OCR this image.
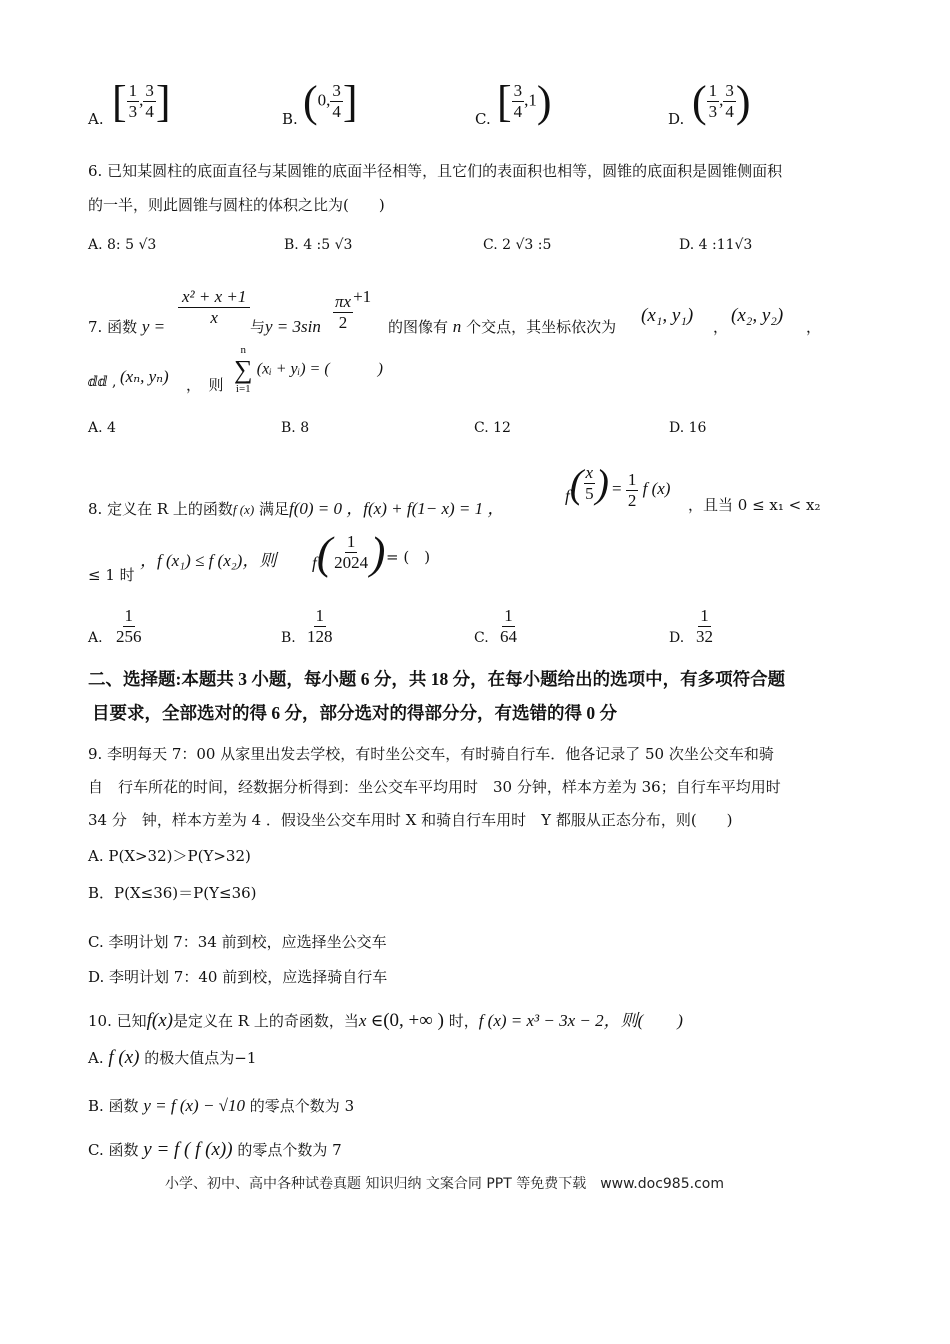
A. [ $\frac{1}{3}$ , $\frac{3}{4}$ ]	B. (0, $\frac{3}{4}$ ]	C. [ $\frac{3}{4} ,1$)	D. ( $\frac{1}{3}$ , $\frac{3}{4}$ )
6. 已知某圆柱的底面直径与某圆锥的底面半径相等，且它们的表面积也相等，圆锥的底面积是圆锥侧面积
的一半，则此圆锥与圆柱的体积之比为(　　)
A. 8: 5 √3	B. 4 :5 √3	C. 2 √3 :5	D. 4 :11√3
7. 函数 $y = \frac{\text{x² + x +1}}{x}$ 与$y = 3\sin \frac{\pi x}{2} +1$
的图像有 n 个交点，其坐标依次为
(x₁, y₁)
，
(x₂, y₂)
，
ⅆⅆ , (xₙ, yₙ) ，　则
n
∑
i=1
(xᵢ + yᵢ) = (　　　)
A. 4	B. 8	C. 12	D. 16
8. 定义在 R 上的函数f (x) 满足f(0) = 0 ，f(x) + f(1− x) = 1 ，
$f( \frac{x}{5}$ ) = $\frac{1}{2}$ f (x)
，且当 0 ≤ x₁ < x₂
，f (x₁) ≤ f (x₂)，则 $f( \frac{1}{2024}$ ) = (　)
≤ 1 时
A. $\frac{1}{256}$	B. $\frac{1}{128}$	C. $\frac{1}{64}$	D. $\frac{1}{32}$
二、选择题:本题共 3 小题，每小题 6 分，共 18 分，在每小题给出的选项中，有多项符合题
目要求，全部选对的得 6 分，部分选对的得部分分，有选错的得 0 分
9. 李明每天 7：00 从家里出发去学校，有时坐公交车，有时骑自行车．他各记录了 50 次坐公交车和骑
自　行车所花的时间，经数据分析得到：坐公交车平均用时　30 分钟，样本方差为 36；自行车平均用时
34 分　钟，样本方差为 4 ．假设坐公交车用时 X 和骑自行车用时　Y 都服从正态分布，则(　　)
A. P(X>32)＞P(Y>32)
B．P(X≤36)＝P(Y≤36)
C. 李明计划 7：34 前到校，应选择坐公交车
D. 李明计划 7：40 前到校，应选择骑自行车
10. 已知f(x)是定义在 R 上的奇函数，当x ∈(0, +∞ ) 时，f (x) = x³ − 3x − 2，则(　　)
A. f (x) 的极大值点为−1
B. 函数 y = f (x) − √10 的零点个数为 3
C. 函数 y = f ( f (x)) 的零点个数为 7
小学、初中、高中各种试卷真题 知识归纳 文案合同 PPT 等免费下载　www.doc985.com
